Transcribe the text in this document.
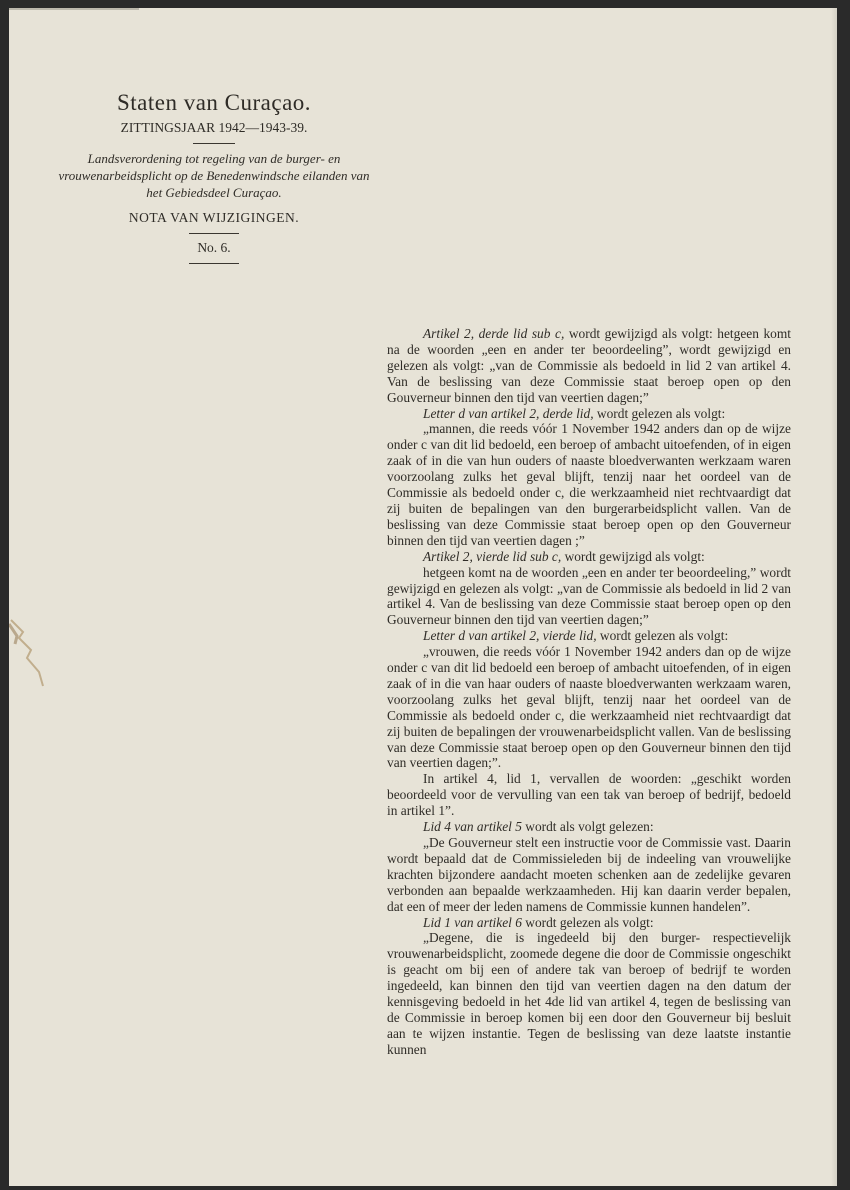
Staten van Curaçao.
ZITTINGSJAAR 1942—1943-39.
Landsverordening tot regeling van de burger- en vrouwenarbeidsplicht op de Benedenwindsche eilanden van het Gebiedsdeel Curaçao.
NOTA VAN WIJZIGINGEN.
No. 6.

Artikel 2, derde lid sub c, wordt gewijzigd als volgt: hetgeen komt na de woorden „een en ander ter beoordeeling”, wordt gewijzigd en gelezen als volgt: „van de Commissie als bedoeld in lid 2 van artikel 4. Van de beslissing van deze Commissie staat beroep open op den Gouverneur binnen den tijd van veertien dagen;”

Letter d van artikel 2, derde lid, wordt gelezen als volgt:

„mannen, die reeds vóór 1 November 1942 anders dan op de wijze onder c van dit lid bedoeld, een beroep of ambacht uitoefenden, of in eigen zaak of in die van hun ouders of naaste bloedverwanten werkzaam waren voorzoolang zulks het geval blijft, tenzij naar het oordeel van de Commissie als bedoeld onder c, die werkzaamheid niet rechtvaardigt dat zij buiten de bepalingen van den burgerarbeidsplicht vallen. Van de beslissing van deze Commissie staat beroep open op den Gouverneur binnen den tijd van veertien dagen ;”

Artikel 2, vierde lid sub c, wordt gewijzigd als volgt:

hetgeen komt na de woorden „een en ander ter beoordeeling,” wordt gewijzigd en gelezen als volgt: „van de Commissie als bedoeld in lid 2 van artikel 4. Van de beslissing van deze Commissie staat beroep open op den Gouverneur binnen den tijd van veertien dagen;”

Letter d van artikel 2, vierde lid, wordt gelezen als volgt:

„vrouwen, die reeds vóór 1 November 1942 anders dan op de wijze onder c van dit lid bedoeld een beroep of ambacht uitoefenden, of in eigen zaak of in die van haar ouders of naaste bloedverwanten werkzaam waren, voorzoolang zulks het geval blijft, tenzij naar het oordeel van de Commissie als bedoeld onder c, die werkzaamheid niet rechtvaardigt dat zij buiten de bepalingen der vrouwenarbeidsplicht vallen. Van de beslissing van deze Commissie staat beroep open op den Gouverneur binnen den tijd van veertien dagen;”.

In artikel 4, lid 1, vervallen de woorden: „geschikt worden beoordeeld voor de vervulling van een tak van beroep of bedrijf, bedoeld in artikel 1”.

Lid 4 van artikel 5 wordt als volgt gelezen:

„De Gouverneur stelt een instructie voor de Commissie vast. Daarin wordt bepaald dat de Commissieleden bij de indeeling van vrouwelijke krachten bijzondere aandacht moeten schenken aan de zedelijke gevaren verbonden aan bepaalde werkzaamheden. Hij kan daarin verder bepalen, dat een of meer der leden namens de Commissie kunnen handelen”.

Lid 1 van artikel 6 wordt gelezen als volgt:

„Degene, die is ingedeeld bij den burger- respectievelijk vrouwenarbeidsplicht, zoomede degene die door de Commissie ongeschikt is geacht om bij een of andere tak van beroep of bedrijf te worden ingedeeld, kan binnen den tijd van veertien dagen na den datum der kennisgeving bedoeld in het 4de lid van artikel 4, tegen de beslissing van de Commissie in beroep komen bij een door den Gouverneur bij besluit aan te wijzen instantie. Tegen de beslissing van deze laatste instantie kunnen
